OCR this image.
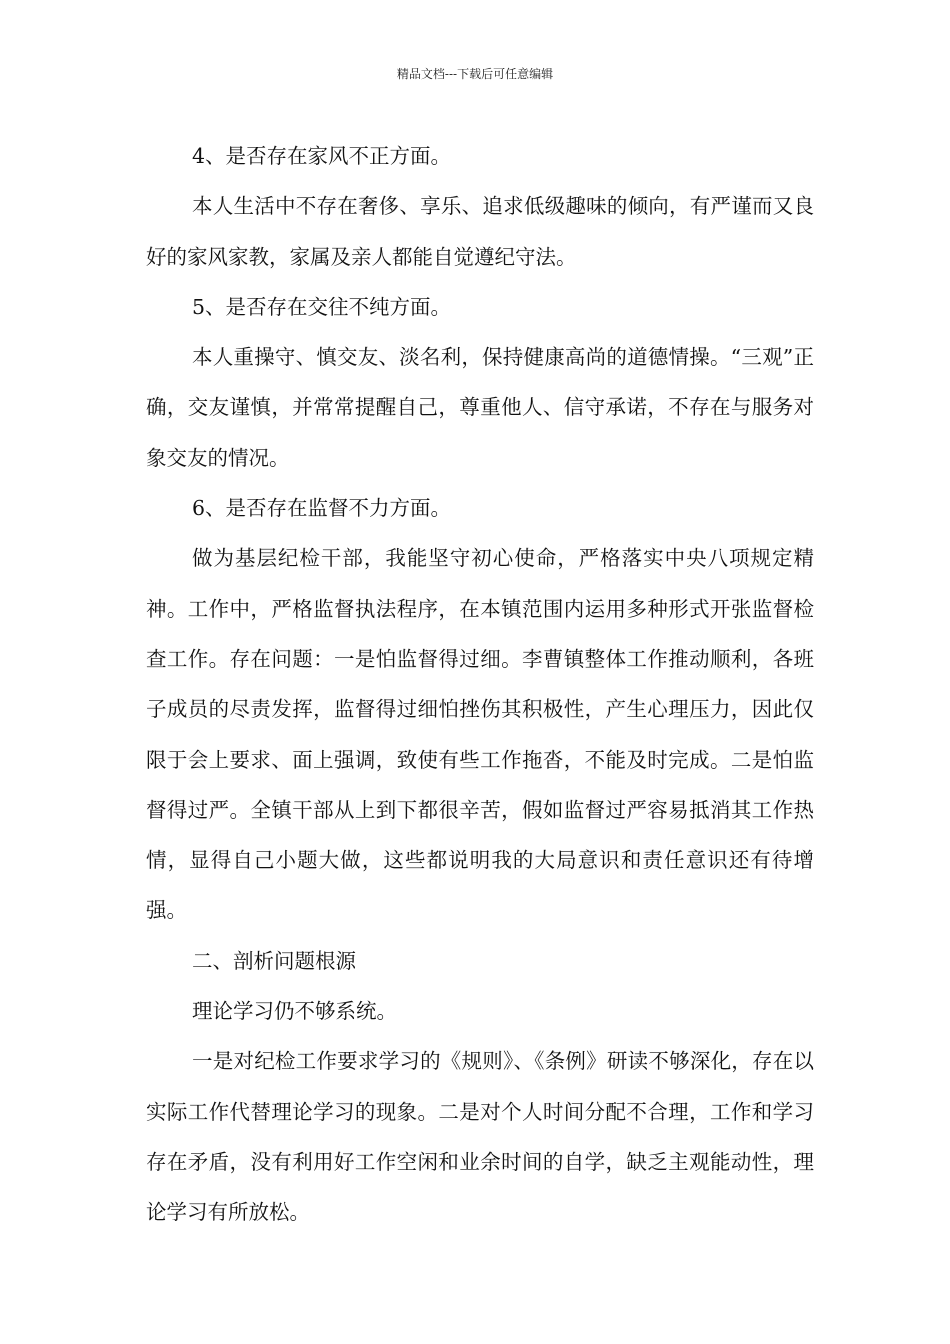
精品文档---下载后可任意编辑

4、是否存在家风不正方面。

本人生活中不存在奢侈、享乐、追求低级趣味的倾向，有严谨而又良好的家风家教，家属及亲人都能自觉遵纪守法。

5、是否存在交往不纯方面。

本人重操守、慎交友、淡名利，保持健康高尚的道德情操。“三观”正确，交友谨慎，并常常提醒自己，尊重他人、信守承诺，不存在与服务对象交友的情况。

6、是否存在监督不力方面。

做为基层纪检干部，我能坚守初心使命，严格落实中央八项规定精神。工作中，严格监督执法程序，在本镇范围内运用多种形式开张监督检查工作。存在问题：一是怕监督得过细。李曹镇整体工作推动顺利，各班子成员的尽责发挥，监督得过细怕挫伤其积极性，产生心理压力，因此仅限于会上要求、面上强调，致使有些工作拖沓，不能及时完成。二是怕监督得过严。全镇干部从上到下都很辛苦，假如监督过严容易抵消其工作热情，显得自己小题大做，这些都说明我的大局意识和责任意识还有待增强。

二、剖析问题根源

理论学习仍不够系统。

一是对纪检工作要求学习的《规则》、《条例》研读不够深化，存在以实际工作代替理论学习的现象。二是对个人时间分配不合理，工作和学习存在矛盾，没有利用好工作空闲和业余时间的自学，缺乏主观能动性，理论学习有所放松。
